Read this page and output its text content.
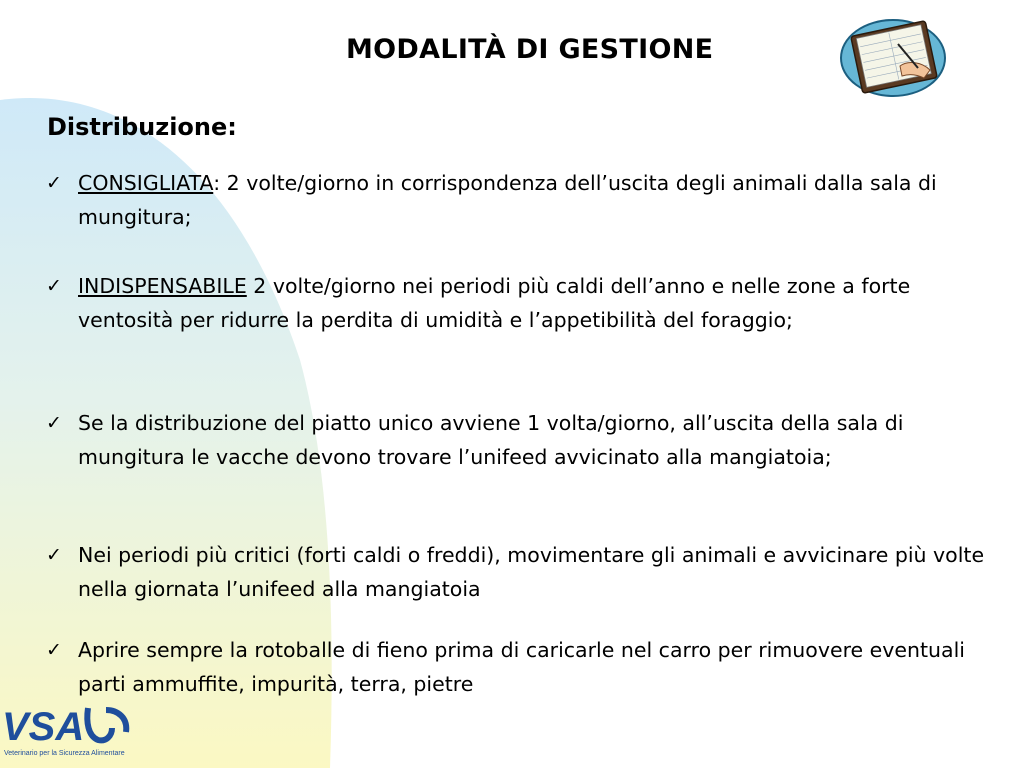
MODALITÀ DI GESTIONE
Distribuzione:
✓ CONSIGLIATA: 2 volte/giorno in corrispondenza dell’uscita degli animali dalla sala di mungitura;
✓ INDISPENSABILE 2 volte/giorno nei periodi più caldi dell’anno e nelle zone a forte ventosità per ridurre la perdita di umidità e l’appetibilità del foraggio;
✓ Se la distribuzione del piatto unico avviene 1 volta/giorno, all’uscita della sala di mungitura le vacche devono trovare l’unifeed avvicinato alla mangiatoia;
✓ Nei periodi più critici (forti caldi o freddi), movimentare gli animali e avvicinare più volte nella giornata l’unifeed alla mangiatoia
✓ Aprire sempre la rotoballe di fieno prima di caricarle nel carro per rimuovere eventuali parti ammuffite, impurità, terra, pietre
VSA
Veterinario per la Sicurezza Alimentare
